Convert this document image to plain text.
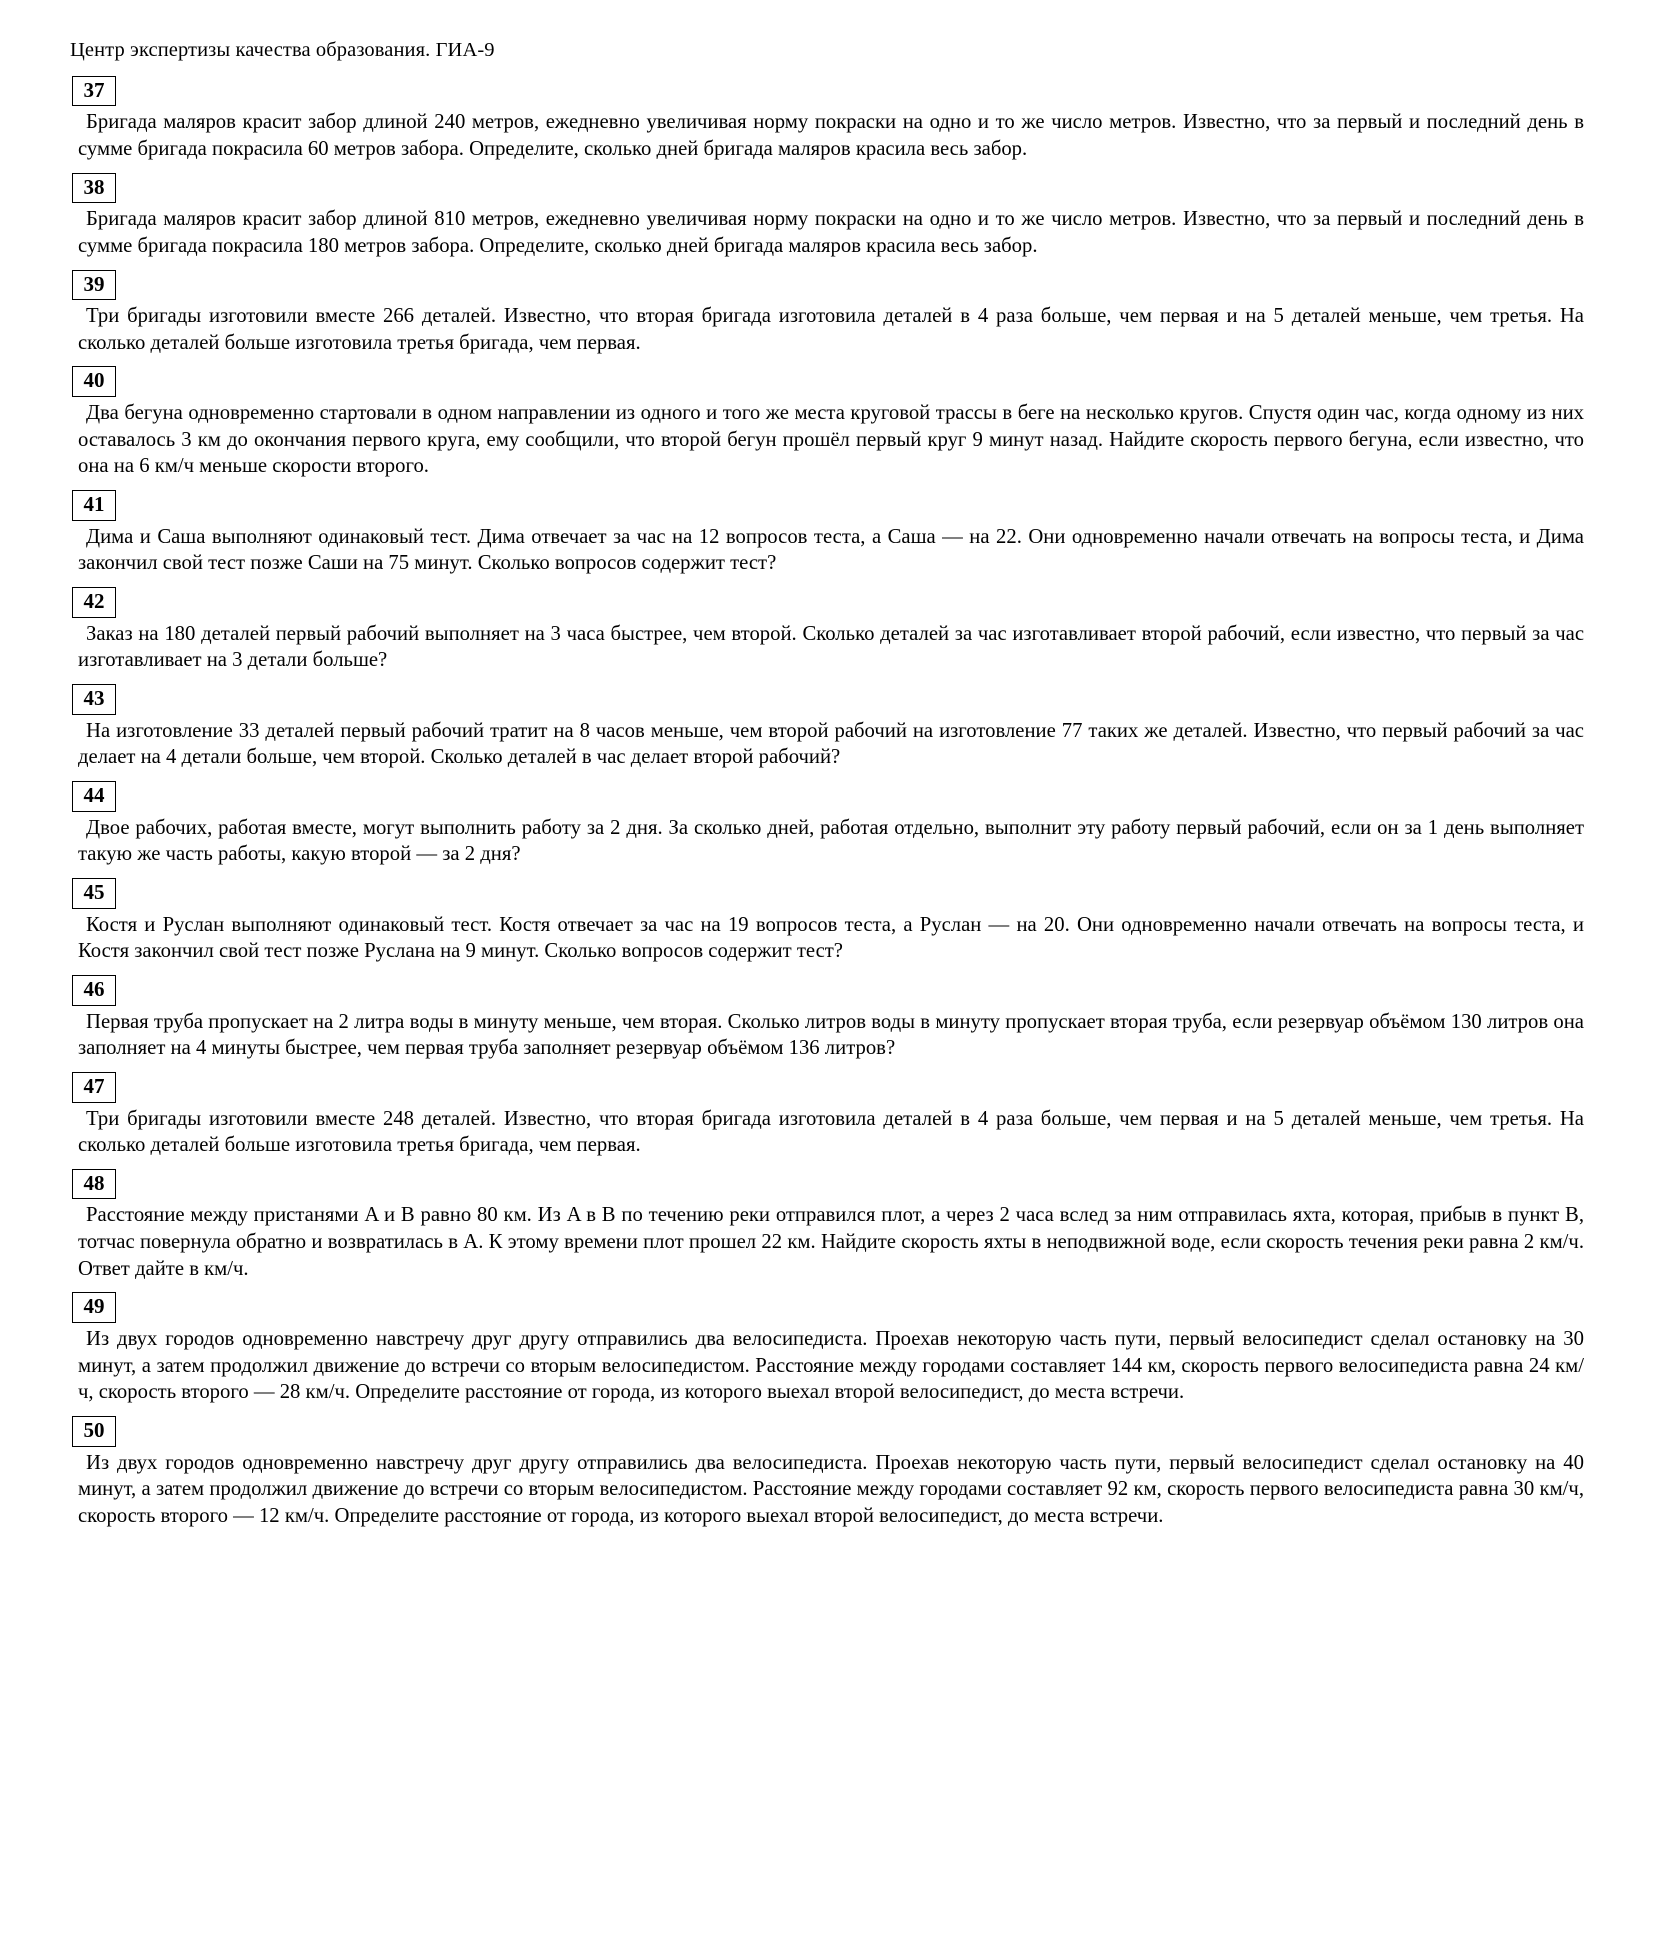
Центр экспертизы качества образования. ГИА-9
37
Бригада маляров красит забор длиной 240 метров, ежедневно увеличивая норму покраски на одно и то же число метров. Известно, что за первый и последний день в сумме бригада покрасила 60 метров забора. Определите, сколько дней бригада маляров красила весь забор.
38
Бригада маляров красит забор длиной 810 метров, ежедневно увеличивая норму покраски на одно и то же число метров. Известно, что за первый и последний день в сумме бригада покрасила 180 метров забора. Определите, сколько дней бригада маляров красила весь забор.
39
Три бригады изготовили вместе 266 деталей. Известно, что вторая бригада изготовила деталей в 4 раза больше, чем первая и на 5 деталей меньше, чем третья. На сколько деталей больше изготовила третья бригада, чем первая.
40
Два бегуна одновременно стартовали в одном направлении из одного и того же места круговой трассы в беге на несколько кругов. Спустя один час, когда одному из них оставалось 3 км до окончания первого круга, ему сообщили, что второй бегун прошёл первый круг 9 минут назад. Найдите скорость первого бегуна, если известно, что она на 6 км/ч меньше скорости второго.
41
Дима и Саша выполняют одинаковый тест. Дима отвечает за час на 12 вопросов теста, а Саша — на 22. Они одновременно начали отвечать на вопросы теста, и Дима закончил свой тест позже Саши на 75 минут. Сколько вопросов содержит тест?
42
Заказ на 180 деталей первый рабочий выполняет на 3 часа быстрее, чем второй. Сколько деталей за час изготавливает второй рабочий, если известно, что первый за час изготавливает на 3 детали больше?
43
На изготовление 33 деталей первый рабочий тратит на 8 часов меньше, чем второй рабочий на изготовление 77 таких же деталей. Известно, что первый рабочий за час делает на 4 детали больше, чем второй. Сколько деталей в час делает второй рабочий?
44
Двое рабочих, работая вместе, могут выполнить работу за 2 дня. За сколько дней, работая отдельно, выполнит эту работу первый рабочий, если он за 1 день выполняет такую же часть работы, какую второй — за 2 дня?
45
Костя и Руслан выполняют одинаковый тест. Костя отвечает за час на 19 вопросов теста, а Руслан — на 20. Они одновременно начали отвечать на вопросы теста, и Костя закончил свой тест позже Руслана на 9 минут. Сколько вопросов содержит тест?
46
Первая труба пропускает на 2 литра воды в минуту меньше, чем вторая. Сколько литров воды в минуту пропускает вторая труба, если резервуар объёмом 130 литров она заполняет на 4 минуты быстрее, чем первая труба заполняет резервуар объёмом 136 литров?
47
Три бригады изготовили вместе 248 деталей. Известно, что вторая бригада изготовила деталей в 4 раза больше, чем первая и на 5 деталей меньше, чем третья. На сколько деталей больше изготовила третья бригада, чем первая.
48
Расстояние между пристанями A и B равно 80 км. Из A в B по течению реки отправился плот, а через 2 часа вслед за ним отправилась яхта, которая, прибыв в пункт B, тотчас повернула обратно и возвратилась в A. К этому времени плот прошел 22 км. Найдите скорость яхты в неподвижной воде, если скорость течения реки равна 2 км/ч. Ответ дайте в км/ч.
49
Из двух городов одновременно навстречу друг другу отправились два велосипедиста. Проехав некоторую часть пути, первый велосипедист сделал остановку на 30 минут, а затем продолжил движение до встречи со вторым велосипедистом. Расстояние между городами составляет 144 км, скорость первого велосипедиста равна 24 км/ч, скорость второго — 28 км/ч. Определите расстояние от города, из которого выехал второй велосипедист, до места встречи.
50
Из двух городов одновременно навстречу друг другу отправились два велосипедиста. Проехав некоторую часть пути, первый велосипедист сделал остановку на 40 минут, а затем продолжил движение до встречи со вторым велосипедистом. Расстояние между городами составляет 92 км, скорость первого велосипедиста равна 30 км/ч, скорость второго — 12 км/ч. Определите расстояние от города, из которого выехал второй велосипедист, до места встречи.
